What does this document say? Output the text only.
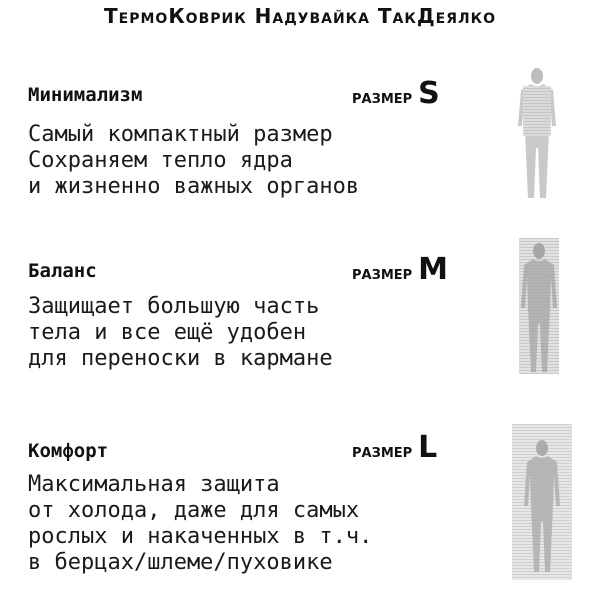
ТермоКоврик Надувайка ТакДеялко
Минимализм	размер S
Самый компактный размер
Сохраняем тепло ядра
и жизненно важных органов
Баланс	размер M
Защищает большую часть
тела и все ещё удобен
для переноски в кармане
Комфорт	размер L
Максимальная защита
от холода, даже для самых
рослых и накаченных в т.ч.
в берцах/шлеме/пуховике
